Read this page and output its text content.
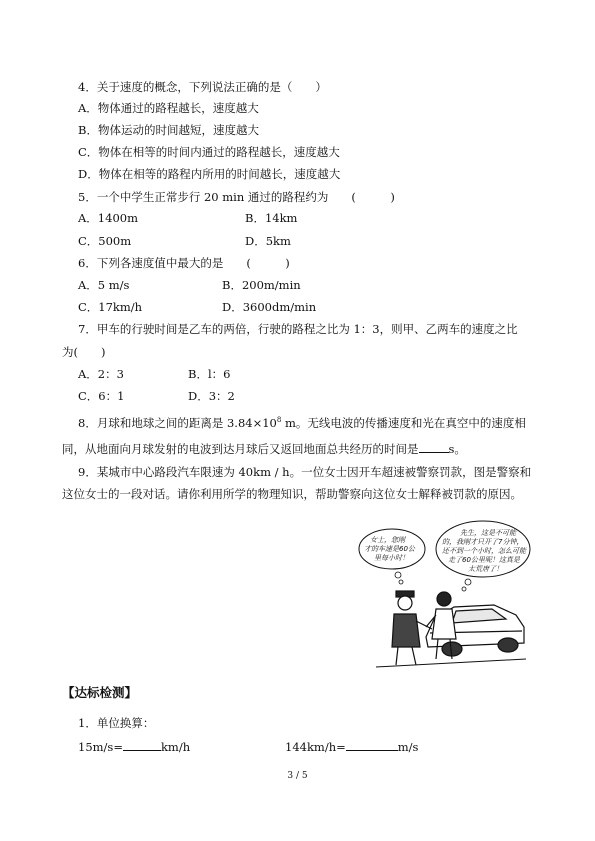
4．关于速度的概念，下列说法正确的是（　　）
A．物体通过的路程越长，速度越大
B．物体运动的时间越短，速度越大
C．物体在相等的时间内通过的路程越长，速度越大
D．物体在相等的路程内所用的时间越长，速度越大
5．一个中学生正常步行 20 min 通过的路程约为　　(　　　)
A．1400m	B．14km
C．500m	D．5km
6．下列各速度值中最大的是　　(　　　)
A．5 m/s	B．200m/min
C．17km/h	D．3600dm/min
7．甲车的行驶时间是乙车的两倍，行驶的路程之比为 1：3，则甲、乙两车的速度之比
为(　　)
A．2：3	B．l：6
C．6：1	D．3：2
8．月球和地球之间的距离是 $3.84\times 10^8$ m。无线电波的传播速度和光在真空中的速度相
同，从地面向月球发射的电波到达月球后又返回地面总共经历的时间是	s。
9．某城市中心路段汽车限速为 40km / h。一位女士因开车超速被警察罚款，图是警察和
这位女士的一段对话。请你利用所学的物理知识，帮助警察向这位女士解释被罚款的原因。
女士，您刚
才的车速是60公
里每小时！
先生，这是不可能
的，我刚才只开了7分钟，
还不到一个小时，怎么可能
走了60公里呢！这真是
太荒唐了！
【达标检测】
1．单位换算：
15m/s=	km/h	144km/h=	m/s
3 / 5
